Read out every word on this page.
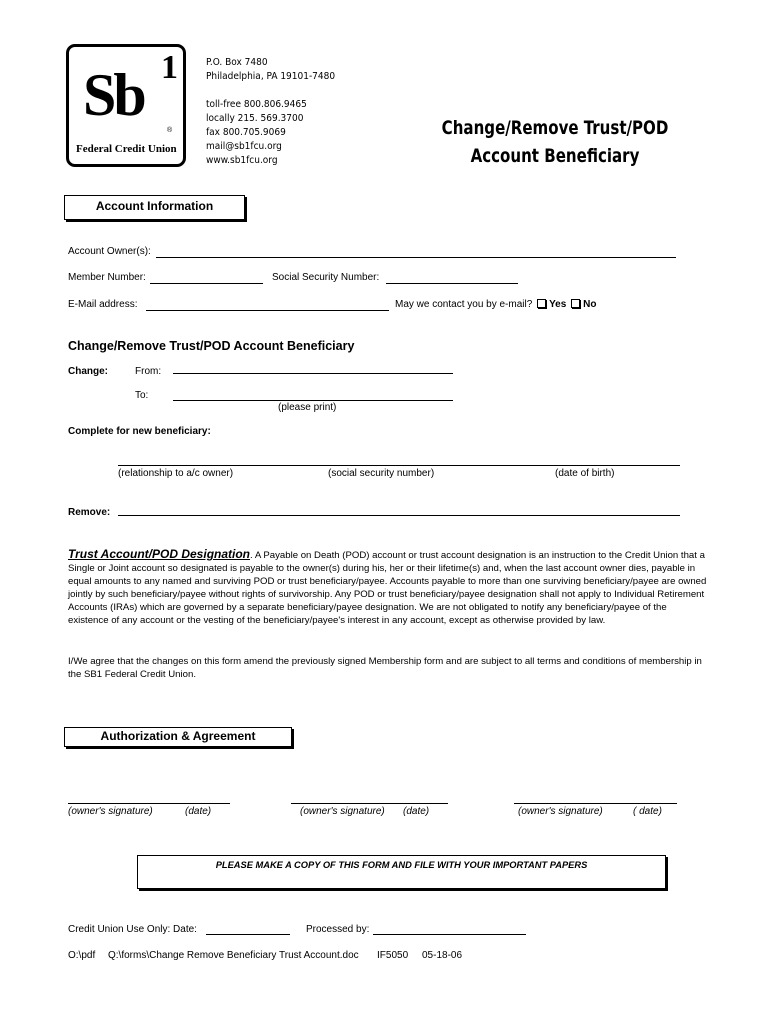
Sb 1
®
Federal Credit Union
P.O. Box 7480
Philadelphia, PA 19101-7480
toll-free 800.806.9465
locally 215. 569.3700
fax 800.705.9069
mail@sb1fcu.org
www.sb1fcu.org
Change/Remove Trust/POD
Account Beneficiary
Account Information
Account Owner(s):
Member Number:	Social Security Number:
E-Mail address:	May we contact you by e-mail? Yes No
Change/Remove Trust/POD Account Beneficiary
Change:	From:
To:
(please print)
Complete for new beneficiary:
(relationship to a/c owner)	(social security number)	(date of birth)
Remove:
Trust Account/POD Designation. A Payable on Death (POD) account or trust account designation is an instruction to the Credit Union that a Single or Joint account so designated is payable to the owner(s) during his, her or their lifetime(s) and, when the last account owner dies, payable in equal amounts to any named and surviving POD or trust beneficiary/payee. Accounts payable to more than one surviving beneficiary/payee are owned jointly by such beneficiary/payee without rights of survivorship. Any POD or trust beneficiary/payee designation shall not apply to Individual Retirement Accounts (IRAs) which are governed by a separate beneficiary/payee designation. We are not obligated to notify any beneficiary/payee of the existence of any account or the vesting of the beneficiary/payee's interest in any account, except as otherwise provided by law.
I/We agree that the changes on this form amend the previously signed Membership form and are subject to all terms and conditions of membership in the SB1 Federal Credit Union.
Authorization & Agreement
(owner's signature)	(date)	(owner's signature) (date)	(owner's signature)	( date)
PLEASE MAKE A COPY OF THIS FORM AND FILE WITH YOUR IMPORTANT PAPERS
Credit Union Use Only: Date:	Processed by:
O:\pdf Q:\forms\Change Remove Beneficiary Trust Account.doc IF5050 05-18-06
